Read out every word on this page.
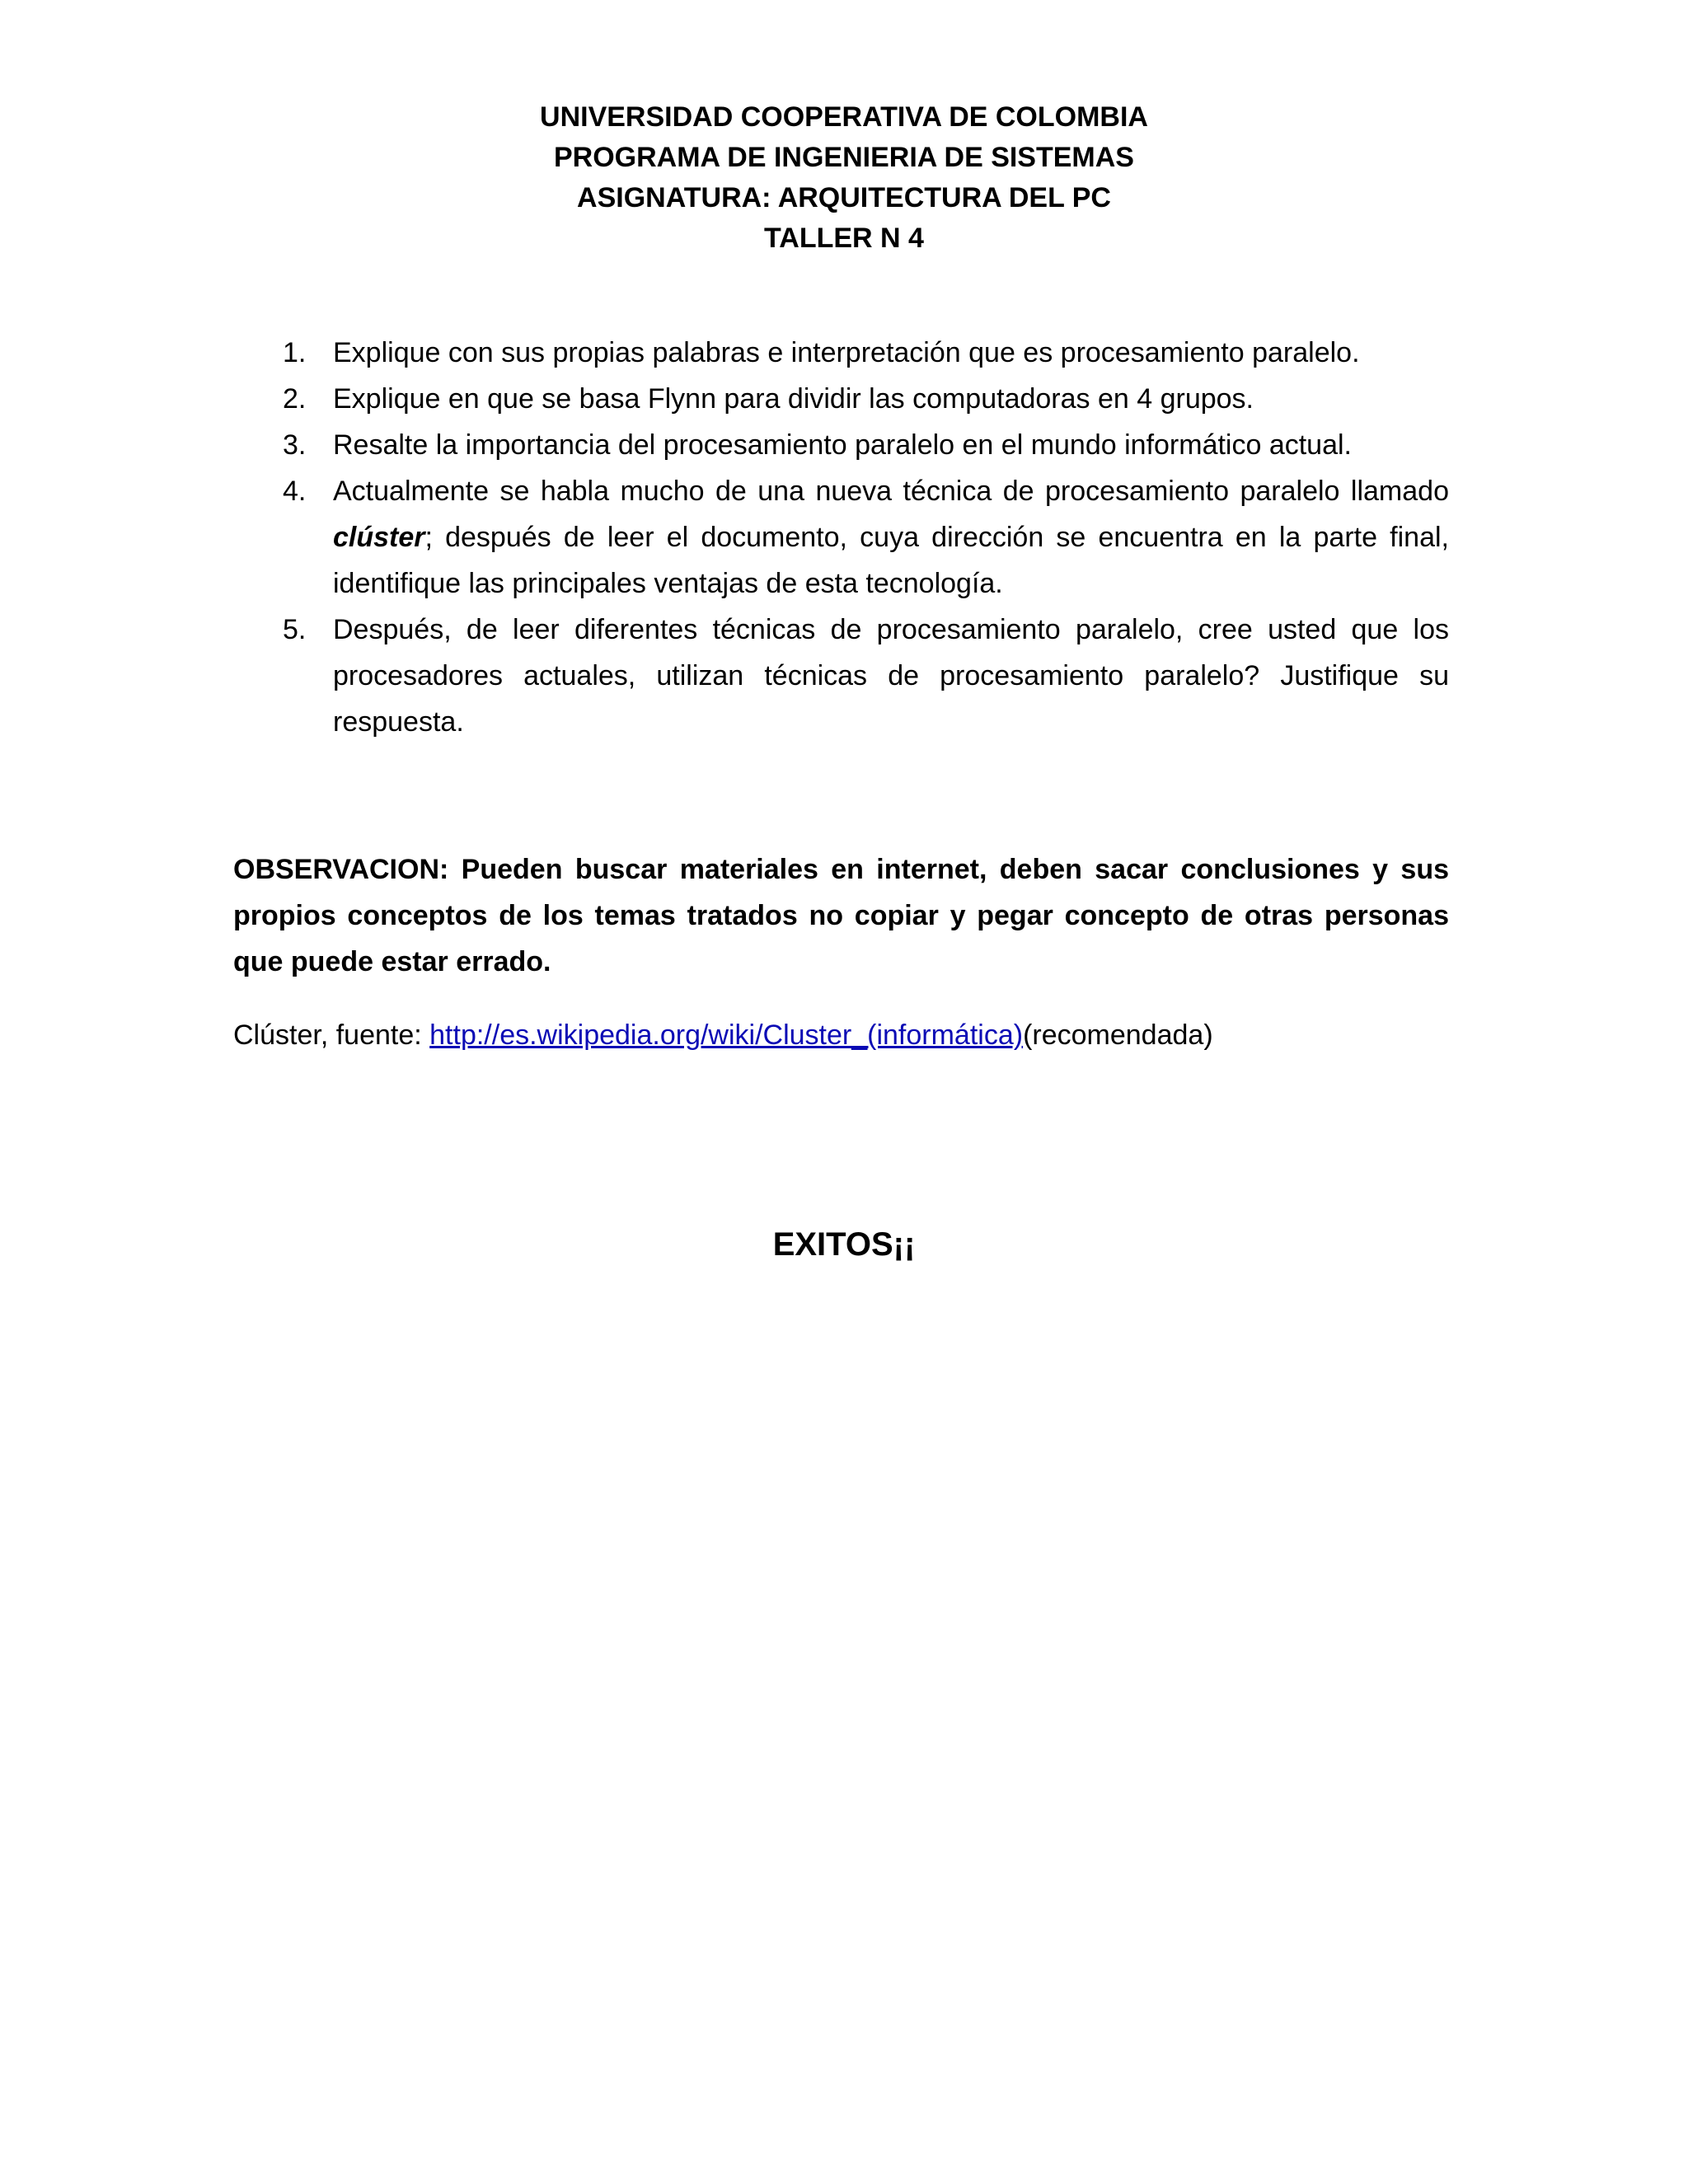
UNIVERSIDAD COOPERATIVA DE COLOMBIA
PROGRAMA DE INGENIERIA DE SISTEMAS
ASIGNATURA: ARQUITECTURA DEL PC
TALLER N 4
1. Explique con sus propias palabras e interpretación que es procesamiento paralelo.
2. Explique en que se basa Flynn para dividir las computadoras en 4 grupos.
3. Resalte la importancia del procesamiento paralelo en el mundo informático actual.
4. Actualmente se habla mucho de una nueva técnica de procesamiento paralelo llamado clúster; después de leer el documento, cuya dirección se encuentra en la parte final, identifique las principales ventajas de esta tecnología.
5. Después, de leer diferentes técnicas de procesamiento paralelo, cree usted que los procesadores actuales, utilizan técnicas de procesamiento paralelo? Justifique su respuesta.
OBSERVACION: Pueden buscar materiales en internet, deben sacar conclusiones y sus propios conceptos de los temas tratados no copiar y pegar concepto de otras personas que puede estar errado.
Clúster, fuente: http://es.wikipedia.org/wiki/Cluster_(informática)(recomendada)
EXITOS¡¡
